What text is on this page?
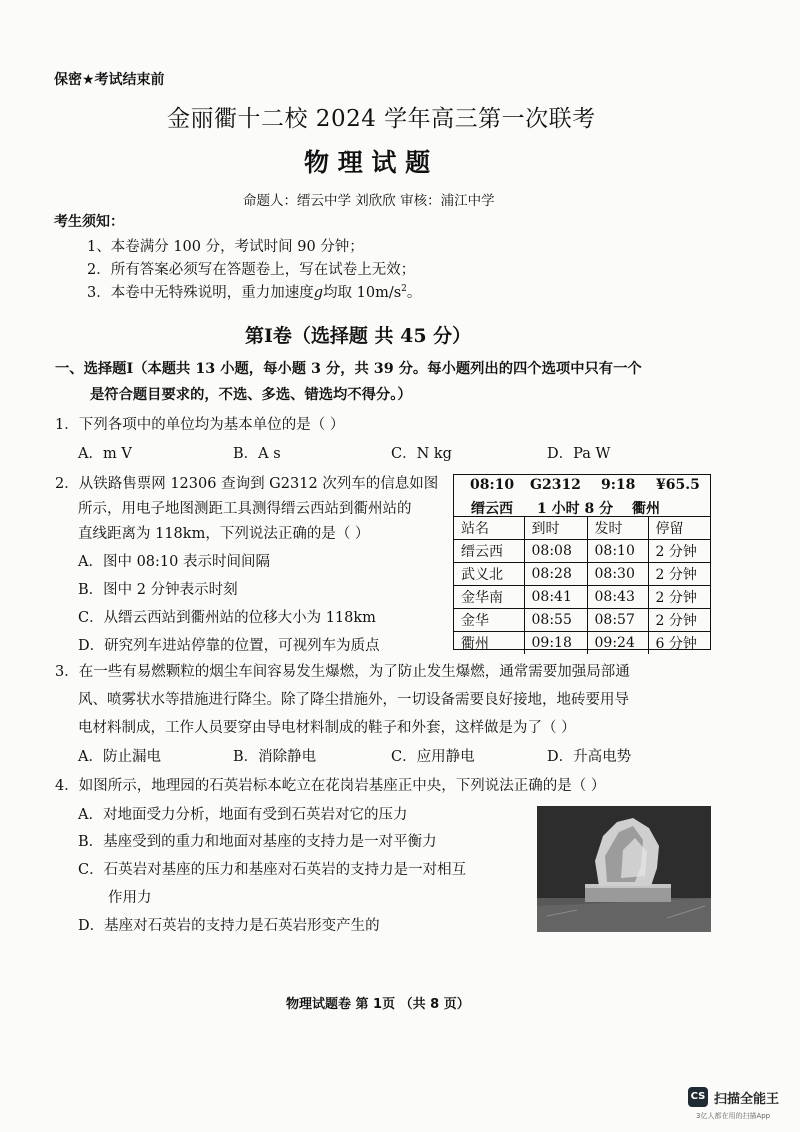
保密★考试结束前
金丽衢十二校 2024 学年高三第一次联考
物 理 试 题
命题人：缙云中学 刘欣欣 审核：浦江中学
考生须知：
1、本卷满分 100 分，考试时间 90 分钟；
2．所有答案必须写在答题卷上，写在试卷上无效；
3．本卷中无特殊说明，重力加速度g均取 $10m/s^2$。
第Ⅰ卷（选择题 共 45 分）
一、选择题Ⅰ（本题共 13 小题，每小题 3 分，共 39 分。每小题列出的四个选项中只有一个
是符合题目要求的，不选、多选、错选均不得分。）
1．下列各项中的单位均为基本单位的是（ ）
A．m V	B．A s	C．N kg	D．Pa W
2．从铁路售票网 12306 查询到 G2312 次列车的信息如图
所示，用电子地图测距工具测得缙云西站到衢州站的
直线距离为 118km，下列说法正确的是（ ）
A．图中 08:10 表示时间间隔
B．图中 2 分钟表示时刻
C．从缙云西站到衢州站的位移大小为 118km
D．研究列车进站停靠的位置，可视列车为质点
08:10 G2312 9:18 ¥65.5
缙云西 1 小时 8 分 衢州
站名	到时	发时	停留
缙云西	08:08	08:10	2 分钟
武义北	08:28	08:30	2 分钟
金华南	08:41	08:43	2 分钟
金华	08:55	08:57	2 分钟
衢州	09:18	09:24	6 分钟
3．在一些有易燃颗粒的烟尘车间容易发生爆燃，为了防止发生爆燃，通常需要加强局部通
风、喷雾状水等措施进行降尘。除了降尘措施外，一切设备需要良好接地，地砖要用导
电材料制成，工作人员要穿由导电材料制成的鞋子和外套，这样做是为了（ ）
A．防止漏电	B．消除静电	C．应用静电	D．升高电势
4．如图所示，地理园的石英岩标本屹立在花岗岩基座正中央，下列说法正确的是（ ）
A．对地面受力分析，地面有受到石英岩对它的压力
B．基座受到的重力和地面对基座的支持力是一对平衡力
C．石英岩对基座的压力和基座对石英岩的支持力是一对相互
作用力
D．基座对石英岩的支持力是石英岩形变产生的
物理试题卷 第 1页 （共 8 页）
CS 扫描全能王
3亿人都在用的扫描App
